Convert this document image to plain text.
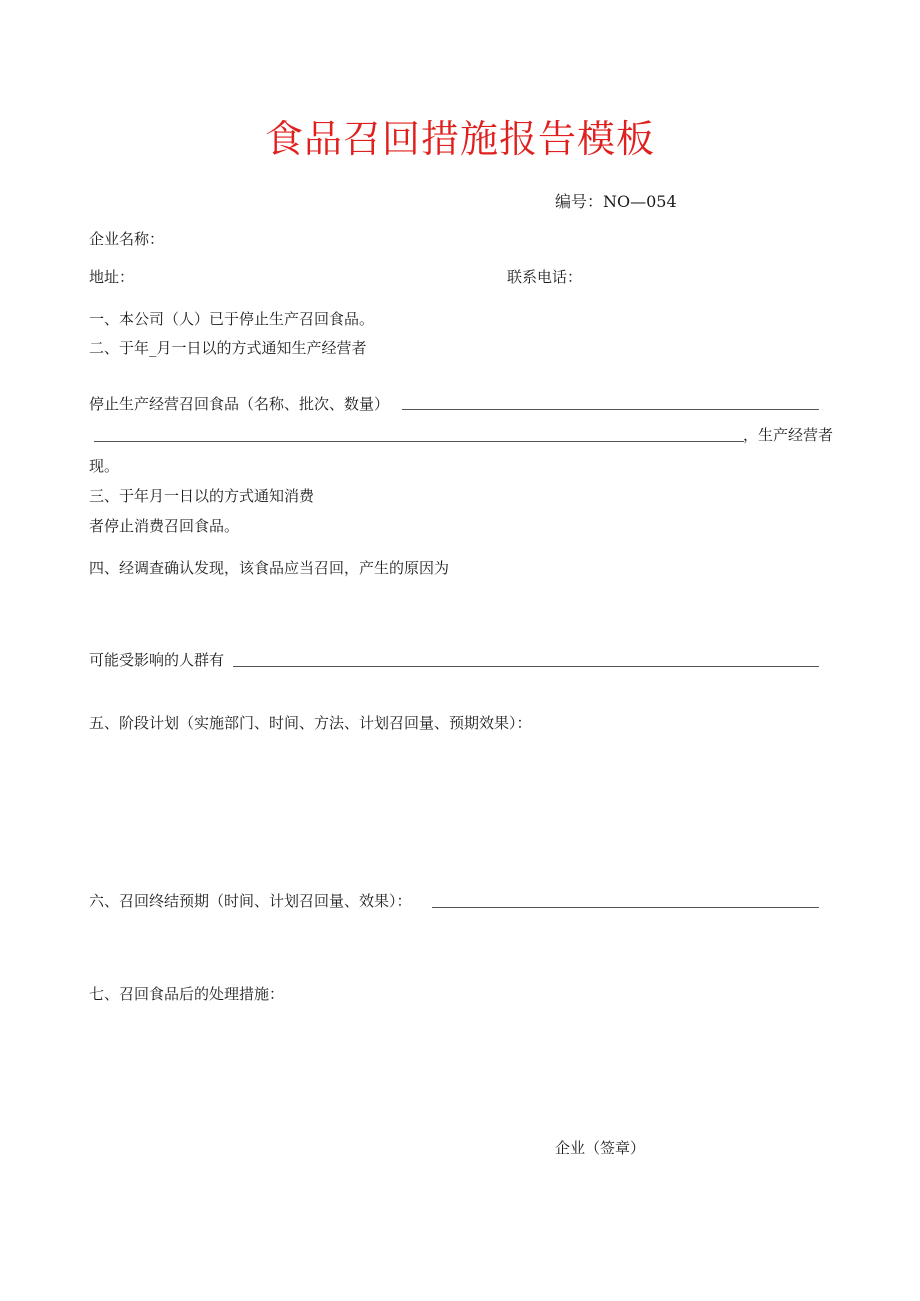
食品召回措施报告模板
编号：NO—054
企业名称：
地址：	联系电话：
一、本公司（人）已于停止生产召回食品。
二、于年_月一日以的方式通知生产经营者
停止生产经营召回食品（名称、批次、数量）
，生产经营者
现。
三、于年月一日以的方式通知消费
者停止消费召回食品。
四、经调查确认发现，该食品应当召回，产生的原因为
可能受影响的人群有
五、阶段计划（实施部门、时间、方法、计划召回量、预期效果）：
六、召回终结预期（时间、计划召回量、效果）：
七、召回食品后的处理措施：
企业（签章）
